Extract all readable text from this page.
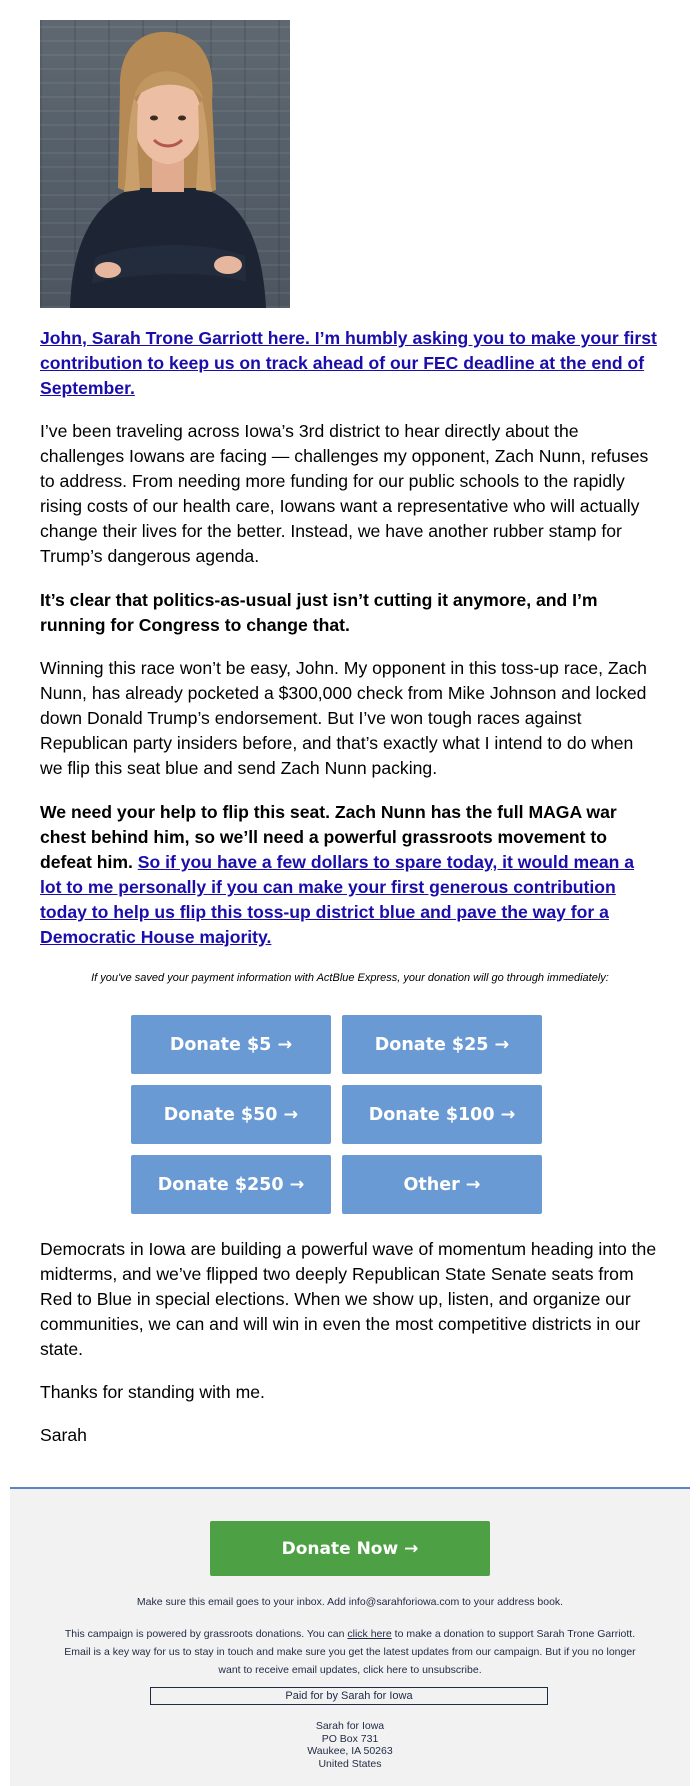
John, Sarah Trone Garriott here. I’m humbly asking you to make your first contribution to keep us on track ahead of our FEC deadline at the end of September.

I’ve been traveling across Iowa’s 3rd district to hear directly about the challenges Iowans are facing — challenges my opponent, Zach Nunn, refuses to address. From needing more funding for our public schools to the rapidly rising costs of our health care, Iowans want a representative who will actually change their lives for the better. Instead, we have another rubber stamp for Trump’s dangerous agenda.

It’s clear that politics-as-usual just isn’t cutting it anymore, and I’m running for Congress to change that.

Winning this race won’t be easy, John. My opponent in this toss-up race, Zach Nunn, has already pocketed a $300,000 check from Mike Johnson and locked down Donald Trump’s endorsement. But I’ve won tough races against Republican party insiders before, and that’s exactly what I intend to do when we flip this seat blue and send Zach Nunn packing.

We need your help to flip this seat. Zach Nunn has the full MAGA war chest behind him, so we’ll need a powerful grassroots movement to defeat him. So if you have a few dollars to spare today, it would mean a lot to me personally if you can make your first generous contribution today to help us flip this toss-up district blue and pave the way for a Democratic House majority.

If you've saved your payment information with ActBlue Express, your donation will go through immediately:
Donate $5 →	Donate $25 →
Donate $50 →	Donate $100 →
Donate $250 →	Other →

Democrats in Iowa are building a powerful wave of momentum heading into the midterms, and we’ve flipped two deeply Republican State Senate seats from Red to Blue in special elections. When we show up, listen, and organize our communities, we can and will win in even the most competitive districts in our state.

Thanks for standing with me.

Sarah

Donate Now →
Make sure this email goes to your inbox. Add info@sarahforiowa.com to your address book.
This campaign is powered by grassroots donations. You can click here to make a donation to support Sarah Trone Garriott.
Email is a key way for us to stay in touch and make sure you get the latest updates from our campaign. But if you no longer
want to receive email updates, click here to unsubscribe.
Paid for by Sarah for Iowa
Sarah for Iowa
PO Box 731
Waukee, IA 50263
United States
